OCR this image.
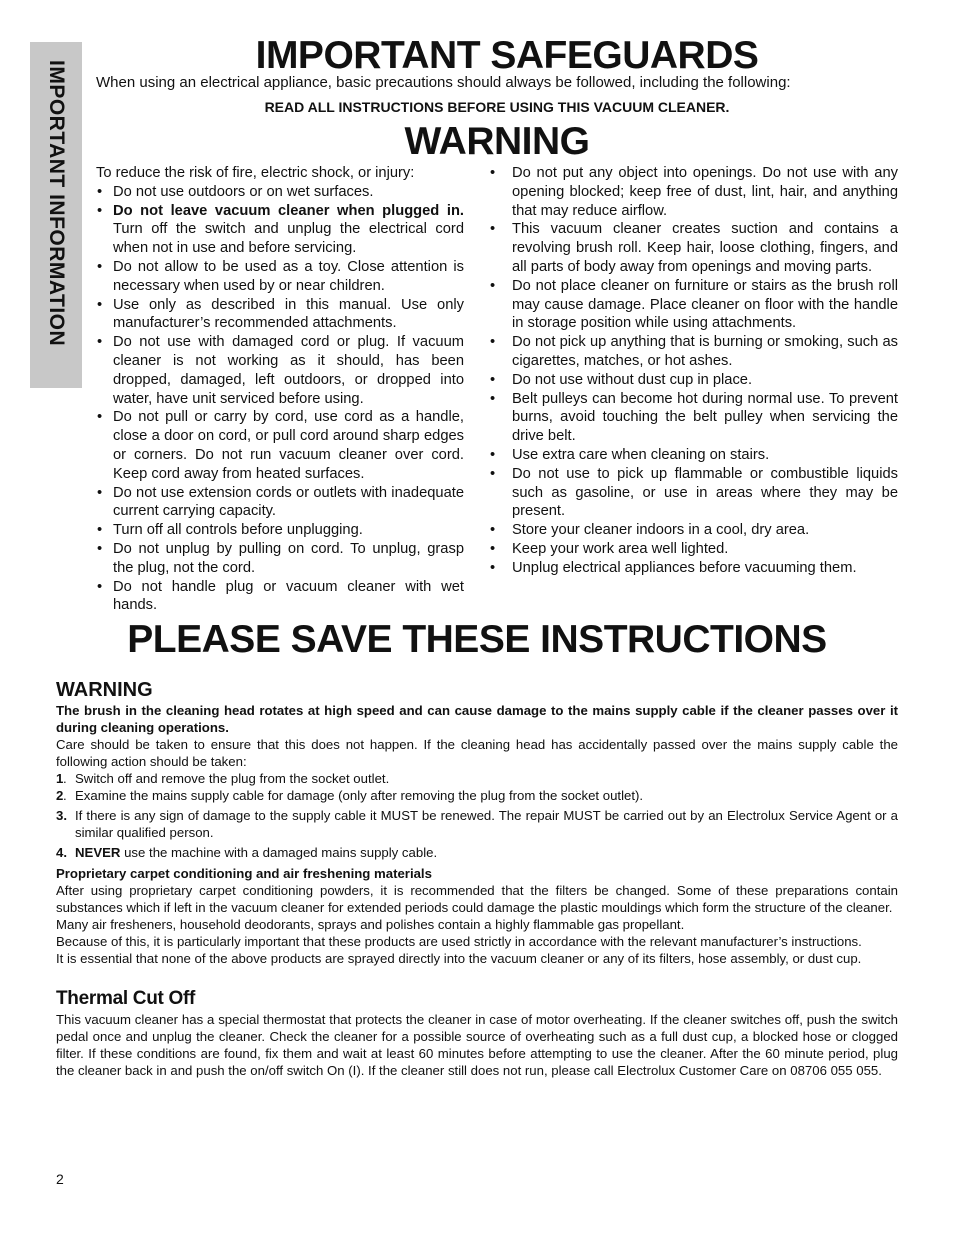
IMPORTANT INFORMATION
IMPORTANT SAFEGUARDS
When using an electrical appliance, basic precautions should always be followed, including the following:
READ ALL INSTRUCTIONS BEFORE USING THIS VACUUM CLEANER.
WARNING

To reduce the risk of fire, electric shock, or injury:

• Do not use outdoors or on wet surfaces.
• Do not leave vacuum cleaner when plugged in. Turn off the switch and unplug the electrical cord when not in use and before servicing.
• Do not allow to be used as a toy. Close attention is necessary when used by or near children.
• Use only as described in this manual. Use only manufacturer’s recommended attachments.
• Do not use with damaged cord or plug. If vacuum cleaner is not working as it should, has been dropped, damaged, left outdoors, or dropped into water, have unit serviced before using.
• Do not pull or carry by cord, use cord as a handle, close a door on cord, or pull cord around sharp edges or corners. Do not run vacuum cleaner over cord. Keep cord away from heated surfaces.
• Do not use extension cords or outlets with inadequate current carrying capacity.
• Turn off all controls before unplugging.
• Do not unplug by pulling on cord. To unplug, grasp the plug, not the cord.
• Do not handle plug or vacuum cleaner with wet hands.
• Do not put any object into openings. Do not use with any opening blocked; keep free of dust, lint, hair, and anything that may reduce airflow.
• This vacuum cleaner creates suction and contains a revolving brush roll. Keep hair, loose clothing, fingers, and all parts of body away from openings and moving parts.
• Do not place cleaner on furniture or stairs as the brush roll may cause damage. Place cleaner on floor with the handle in storage position while using attachments.
• Do not pick up anything that is burning or smoking, such as cigarettes, matches, or hot ashes.
• Do not use without dust cup in place.
• Belt pulleys can become hot during normal use. To prevent burns, avoid touching the belt pulley when servicing the drive belt.
• Use extra care when cleaning on stairs.
• Do not use to pick up flammable or combustible liquids such as gasoline, or use in areas where they may be present.
• Store your cleaner indoors in a cool, dry area.
• Keep your work area well lighted.
• Unplug electrical appliances before vacuuming them.
PLEASE SAVE THESE INSTRUCTIONS
WARNING

The brush in the cleaning head rotates at high speed and can cause damage to the mains supply cable if the cleaner passes over it during cleaning operations.

Care should be taken to ensure that this does not happen. If the cleaning head has accidentally passed over the mains supply cable the following action should be taken:

1 . Switch off and remove the plug from the socket outlet.
2 . Examine the mains supply cable for damage (only after removing the plug from the socket outlet).
3. If there is any sign of damage to the supply cable it MUST be renewed. The repair MUST be carried out by an Electrolux Service Agent or a similar qualified person.
4. NEVER use the machine with a damaged mains supply cable.

Proprietary carpet conditioning and air freshening materials

After using proprietary carpet conditioning powders, it is recommended that the filters be changed. Some of these preparations contain substances which if left in the vacuum cleaner for extended periods could damage the plastic mouldings which form the structure of the cleaner.

Many air fresheners, household deodorants, sprays and polishes contain a highly flammable gas propellant.

Because of this, it is particularly important that these products are used strictly in accordance with the relevant manufacturer’s instructions.

It is essential that none of the above products are sprayed directly into the vacuum cleaner or any of its filters, hose assembly, or dust cup.

Thermal Cut Off

This vacuum cleaner has a special thermostat that protects the cleaner in case of motor overheating. If the cleaner switches off, push the switch pedal once and unplug the cleaner. Check the cleaner for a possible source of overheating such as a full dust cup, a blocked hose or clogged filter. If these conditions are found, fix them and wait at least 60 minutes before attempting to use the cleaner. After the 60 minute period, plug the cleaner back in and push the on/off switch On (I). If the cleaner still does not run, please call Electrolux Customer Care on 08706 055 055.

2
